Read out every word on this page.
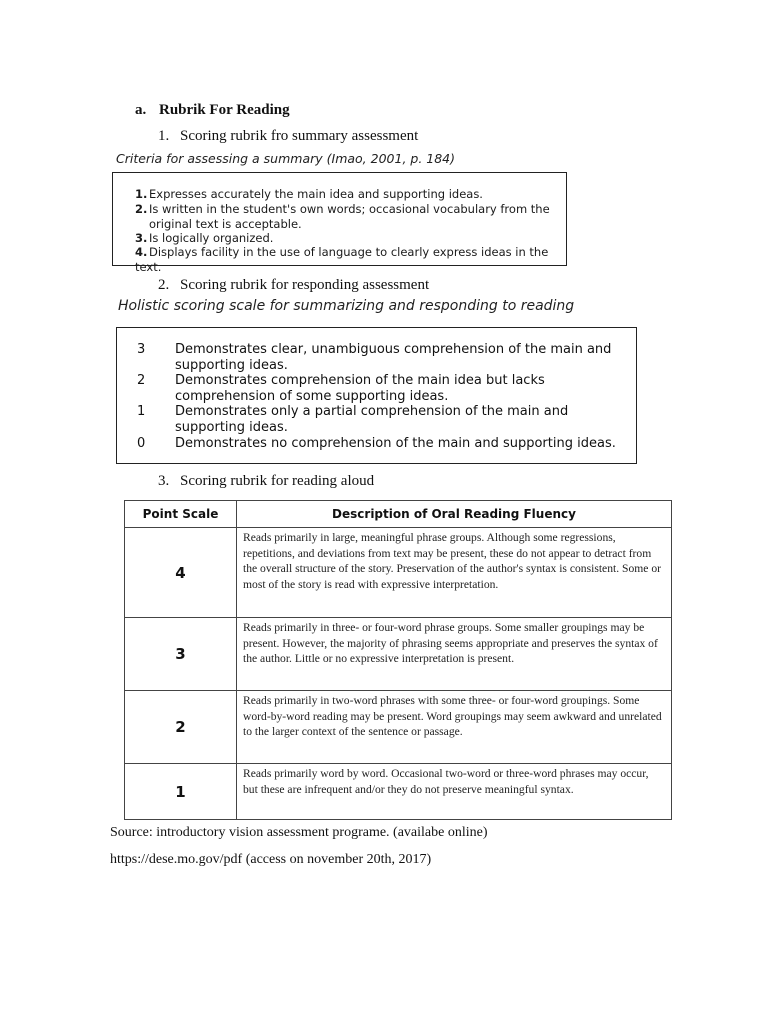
a. Rubrik For Reading
1. Scoring rubrik fro summary assessment
Criteria for assessing a summary (Imao, 2001, p. 184)
1. Expresses accurately the main idea and supporting ideas.
2. Is written in the student's own words; occasional vocabulary from the
original text is acceptable.
3. Is logically organized.
4. Displays facility in the use of language to clearly express ideas in the text.
2. Scoring rubrik for responding assessment
Holistic scoring scale for summarizing and responding to reading
3 Demonstrates clear, unambiguous comprehension of the main and supporting ideas.
2 Demonstrates comprehension of the main idea but lacks comprehension of some supporting ideas.
1 Demonstrates only a partial comprehension of the main and supporting ideas.
0 Demonstrates no comprehension of the main and supporting ideas.
3. Scoring rubrik for reading aloud
Point Scale	Description of Oral Reading Fluency
4	Reads primarily in large, meaningful phrase groups. Although some regressions, repetitions, and deviations from text may be present, these do not appear to detract from the overall structure of the story. Preservation of the author's syntax is consistent. Some or most of the story is read with expressive interpretation.
3	Reads primarily in three- or four-word phrase groups. Some smaller groupings may be present. However, the majority of phrasing seems appropriate and preserves the syntax of the author. Little or no expressive interpretation is present.
2	Reads primarily in two-word phrases with some three- or four-word groupings. Some word-by-word reading may be present. Word groupings may seem awkward and unrelated to the larger context of the sentence or passage.
1	Reads primarily word by word. Occasional two-word or three-word phrases may occur, but these are infrequent and/or they do not preserve meaningful syntax.
Source: introductory vision assessment programe. (availabe online)
https://dese.mo.gov/pdf (access on november 20th, 2017)
